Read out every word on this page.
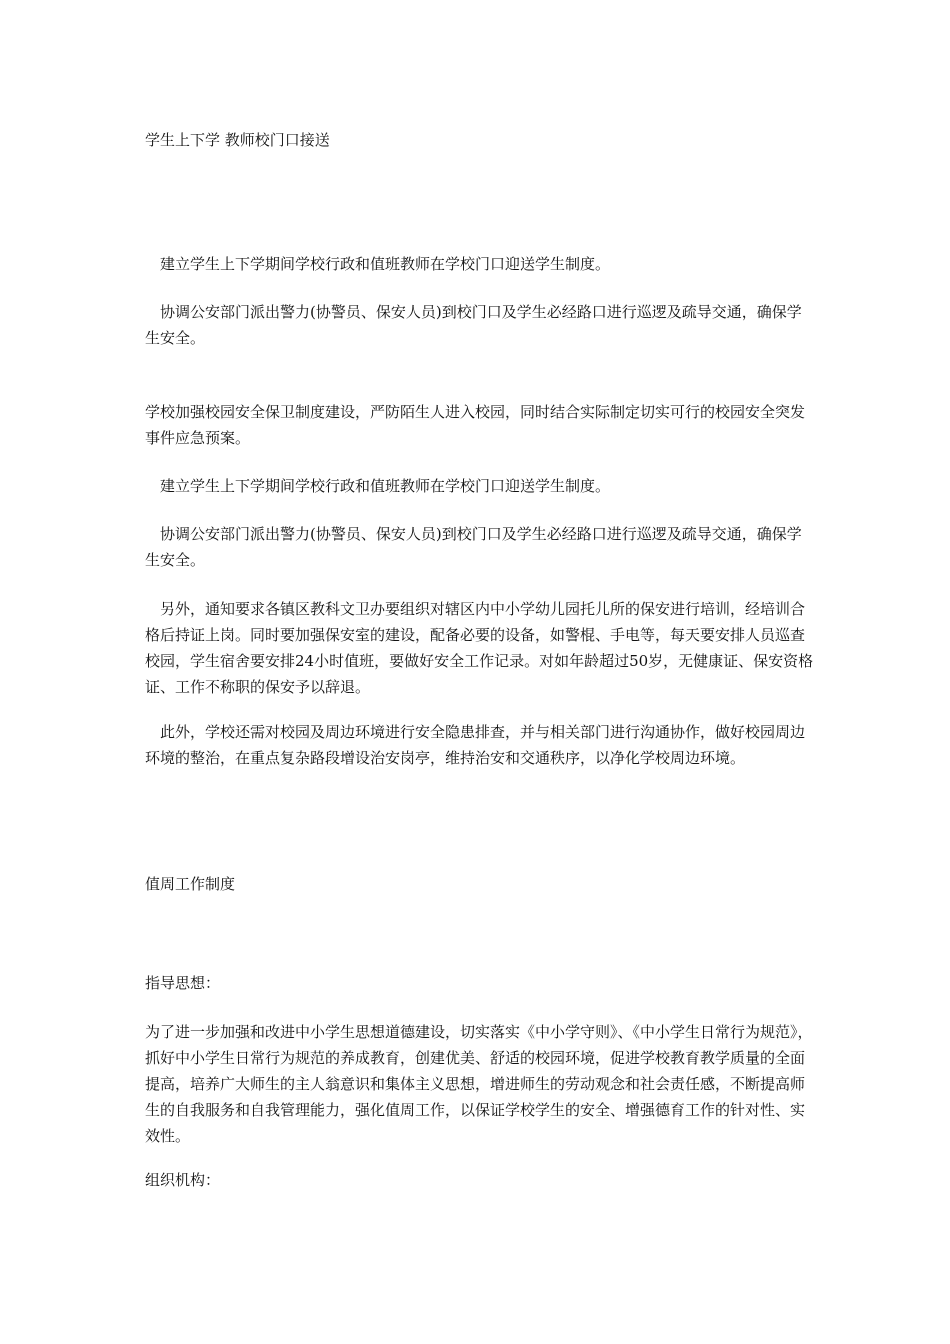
学生上下学 教师校门口接送

　建立学生上下学期间学校行政和值班教师在学校门口迎送学生制度。

　协调公安部门派出警力(协警员、保安人员)到校门口及学生必经路口进行巡逻及疏导交通，确保学生安全。

学校加强校园安全保卫制度建设，严防陌生人进入校园，同时结合实际制定切实可行的校园安全突发事件应急预案。

　建立学生上下学期间学校行政和值班教师在学校门口迎送学生制度。

　协调公安部门派出警力(协警员、保安人员)到校门口及学生必经路口进行巡逻及疏导交通，确保学生安全。

　另外，通知要求各镇区教科文卫办要组织对辖区内中小学幼儿园托儿所的保安进行培训，经培训合格后持证上岗。同时要加强保安室的建设，配备必要的设备，如警棍、手电等，每天要安排人员巡查校园，学生宿舍要安排24小时值班，要做好安全工作记录。对如年龄超过50岁，无健康证、保安资格证、工作不称职的保安予以辞退。

　此外，学校还需对校园及周边环境进行安全隐患排查，并与相关部门进行沟通协作，做好校园周边环境的整治，在重点复杂路段增设治安岗亭，维持治安和交通秩序，以净化学校周边环境。

值周工作制度

指导思想：

为了进一步加强和改进中小学生思想道德建设，切实落实《中小学守则》、《中小学生日常行为规范》，抓好中小学生日常行为规范的养成教育，创建优美、舒适的校园环境，促进学校教育教学质量的全面提高，培养广大师生的主人翁意识和集体主义思想，增进师生的劳动观念和社会责任感，不断提高师生的自我服务和自我管理能力，强化值周工作，以保证学校学生的安全、增强德育工作的针对性、实效性。

组织机构：
